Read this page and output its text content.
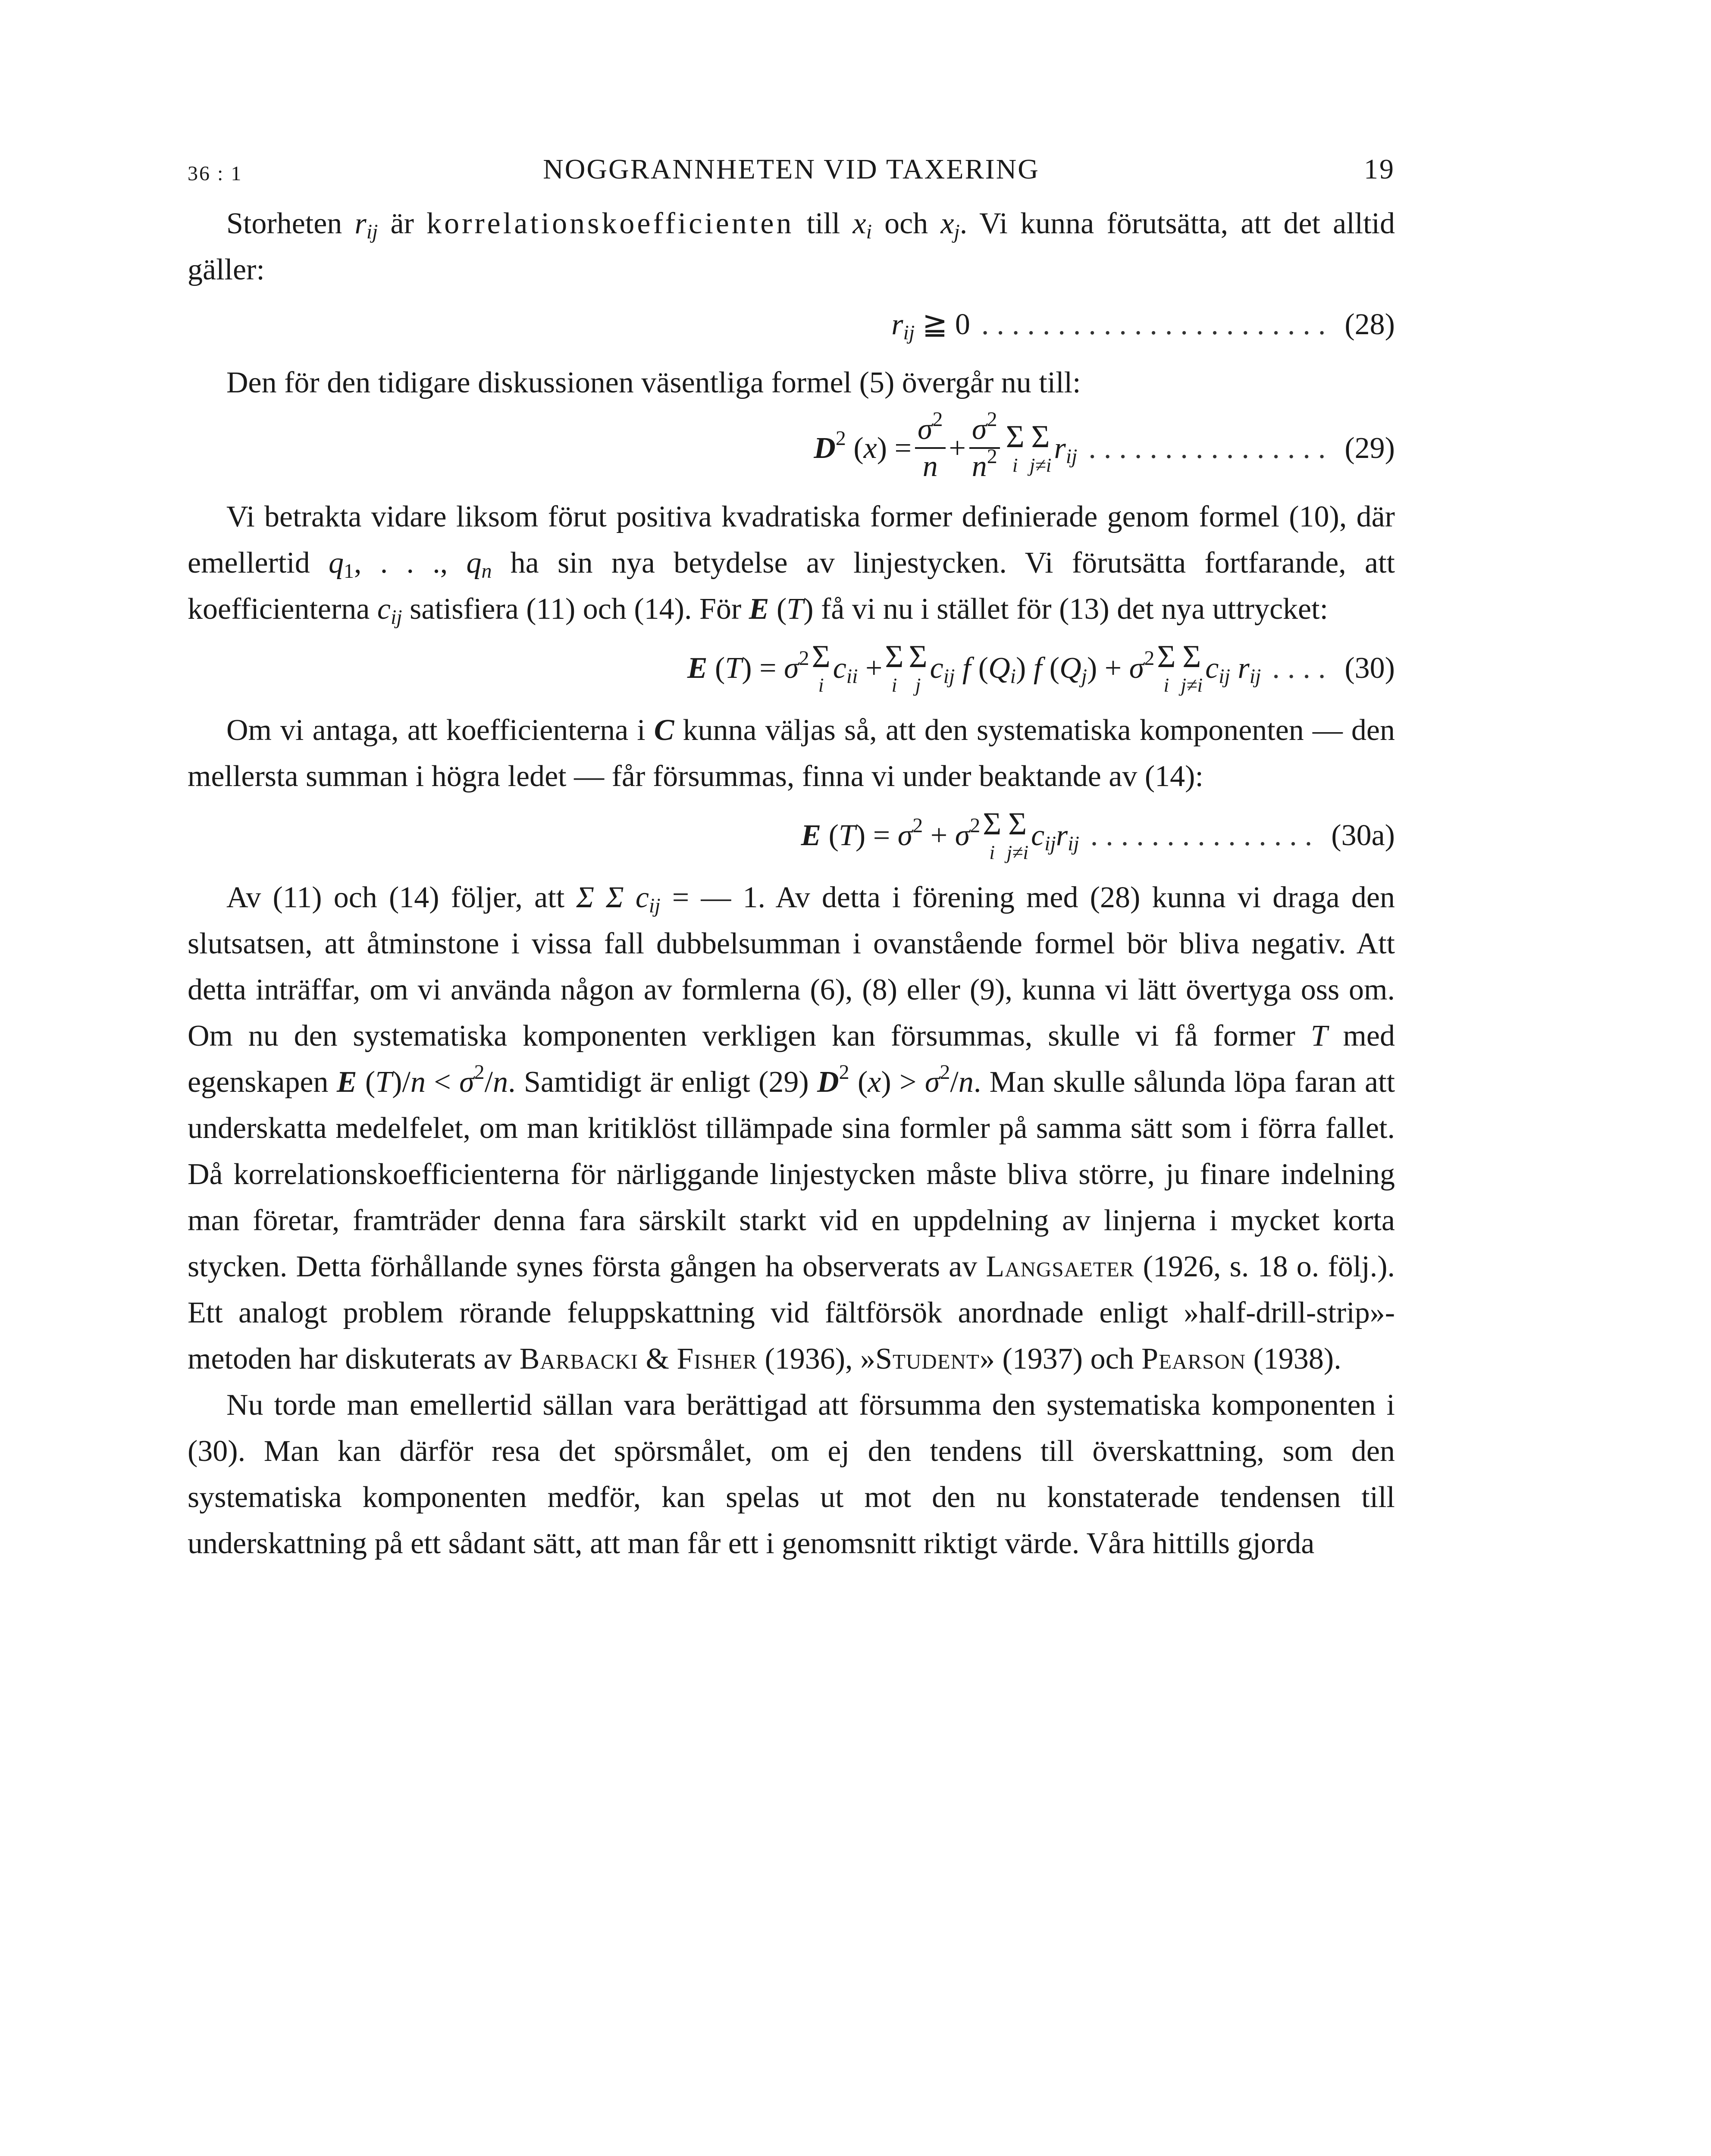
36 : 1	NOGGRANNHETEN VID TAXERING	19

Storheten $r_{ij}$ är korrelationskoefficienten till $x_i$ och $x_j$. Vi kunna förutsätta, att det alltid gäller:

$r_{ij}$ ≧ 0 ....................... (28)

Den för den tidigare diskussionen väsentliga formel (5) övergår nu till:

$D^2$ $(x) = \frac{\sigma^2}{n} + \frac{\sigma^2}{n^2}$ Σ
i
Σ
j≠i
$r_{ij}$ ................ (29)

Vi betrakta vidare liksom förut positiva kvadratiska former definierade genom formel (10), där emellertid $q_1$, . . ., $q_n$ ha sin nya betydelse av linjestycken. Vi förutsätta fortfarande, att koefficienterna $c_{ij}$ satisfiera (11) och (14). För E (T) få vi nu i stället för (13) det nya uttrycket:

E $(T) = \sigma^2$ Σ
i
$c_{ii} + \Sigma$
i
Σ
j
$c_{ij}$ f $(Q_i)$ f $(Q_j) + \sigma^2$ Σ
i
Σ
j≠i
$c_{ij}$ $r_{ij}$ .... (30)

Om vi antaga, att koefficienterna i C kunna väljas så, att den systematiska komponenten — den mellersta summan i högra ledet — får försummas, finna vi under beaktande av (14):

E $(T) = \sigma^2 + \sigma^2$ Σ
i
Σ
j≠i
$c_{ij}r_{ij}$ ............... (30a)

Av (11) och (14) följer, att Σ Σ $c_{ij}$ = — 1. Av detta i förening med (28) kunna vi draga den slutsatsen, att åtminstone i vissa fall dubbelsumman i ovanstående formel bör bliva negativ. Att detta inträffar, om vi använda någon av formlerna (6), (8) eller (9), kunna vi lätt övertyga oss om. Om nu den systematiska komponenten verkligen kan försummas, skulle vi få former T med egenskapen E $(T)/n < \sigma^2/n$. Samtidigt är enligt (29) $D^2$ $(x) > \sigma^2/n$. Man skulle sålunda löpa faran att underskatta medelfelet, om man kritiklöst tillämpade sina formler på samma sätt som i förra fallet. Då korrelationskoefficienterna för närliggande linjestycken måste bliva större, ju finare indelning man företar, framträder denna fara särskilt starkt vid en uppdelning av linjerna i mycket korta stycken. Detta förhållande synes första gången ha observerats av Langsaeter (1926, s. 18 o. följ.). Ett analogt problem rörande feluppskattning vid fältförsök anordnade enligt »half-drill-strip»-metoden har diskuterats av Barbacki & Fisher (1936), »Student» (1937) och Pearson (1938).

Nu torde man emellertid sällan vara berättigad att försumma den systematiska komponenten i (30). Man kan därför resa det spörsmålet, om ej den tendens till överskattning, som den systematiska komponenten medför, kan spelas ut mot den nu konstaterade tendensen till underskattning på ett sådant sätt, att man får ett i genomsnitt riktigt värde. Våra hittills gjorda
